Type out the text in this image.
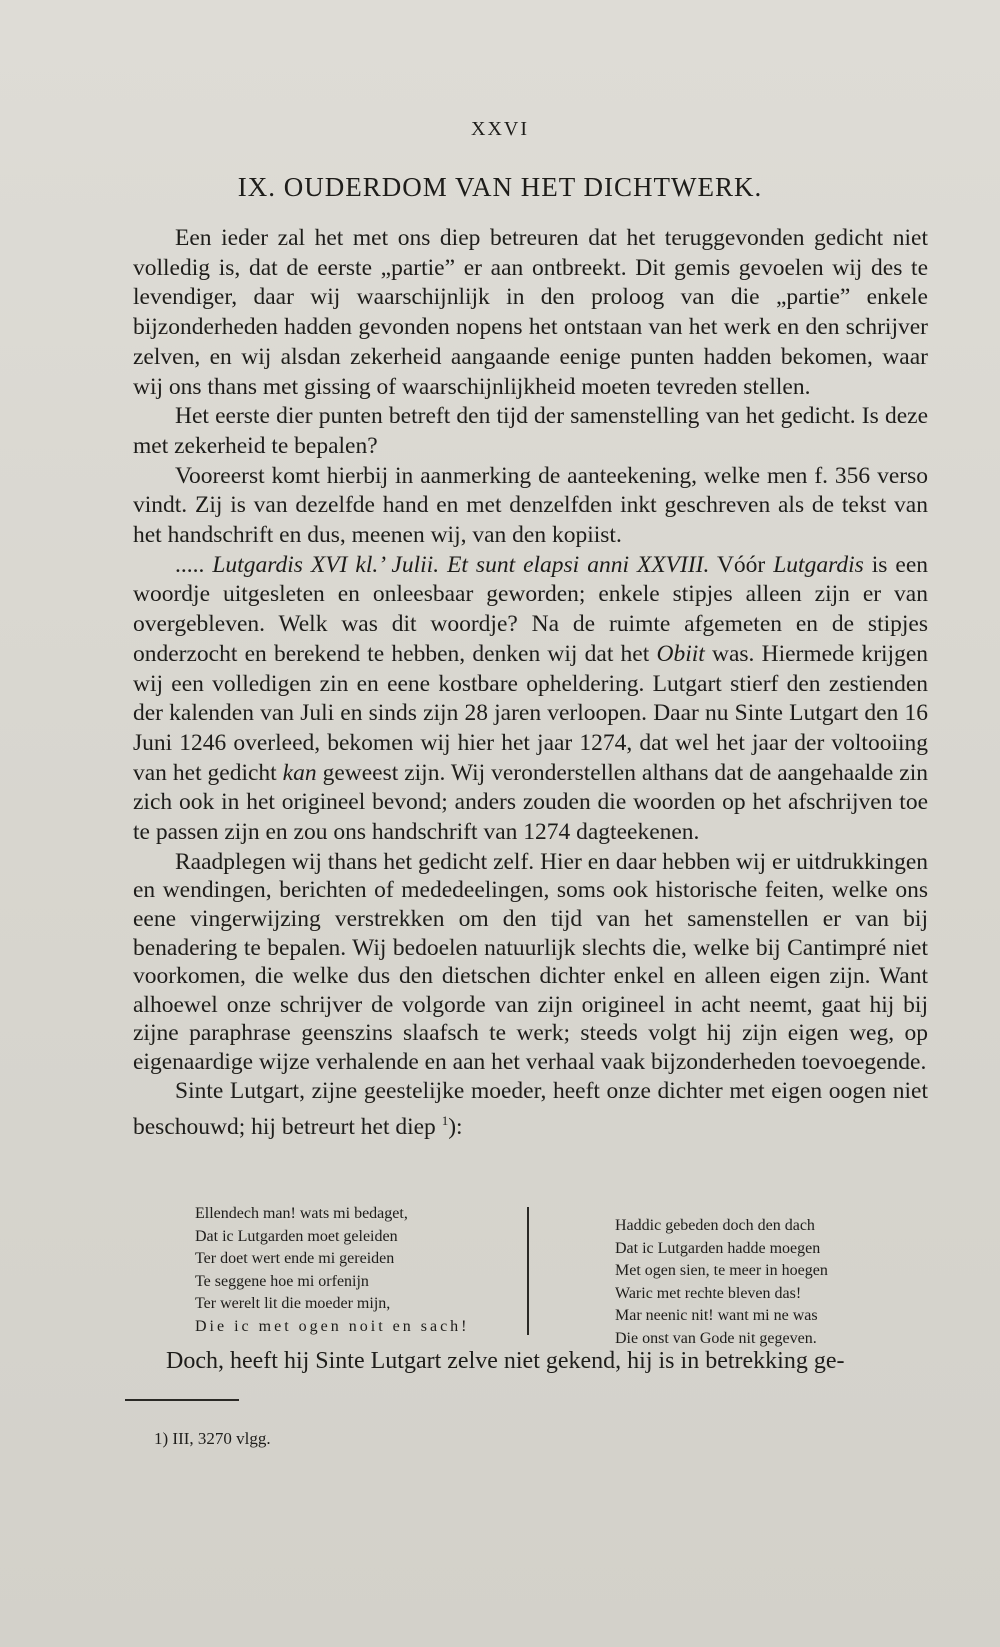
XXVI
IX. OUDERDOM VAN HET DICHTWERK.

Een ieder zal het met ons diep betreuren dat het teruggevonden gedicht niet volledig is, dat de eerste „partie” er aan ontbreekt. Dit gemis gevoelen wij des te levendiger, daar wij waarschijnlijk in den proloog van die „partie” enkele bijzonderheden hadden gevonden nopens het ontstaan van het werk en den schrijver zelven, en wij alsdan zekerheid aangaande eenige punten hadden bekomen, waar wij ons thans met gissing of waarschijnlijkheid moeten tevreden stellen.

Het eerste dier punten betreft den tijd der samenstelling van het gedicht. Is deze met zekerheid te bepalen?

Vooreerst komt hierbij in aanmerking de aanteekening, welke men f. 356 verso vindt. Zij is van dezelfde hand en met denzelfden inkt geschreven als de tekst van het handschrift en dus, meenen wij, van den kopiist.

..... Lutgardis XVI kl.’ Julii. Et sunt elapsi anni XXVIII. Vóór Lutgardis is een woordje uitgesleten en onleesbaar geworden; enkele stipjes alleen zijn er van overgebleven. Welk was dit woordje? Na de ruimte afgemeten en de stipjes onderzocht en berekend te hebben, denken wij dat het Obiit was. Hiermede krijgen wij een volledigen zin en eene kostbare opheldering. Lutgart stierf den zestienden der kalenden van Juli en sinds zijn 28 jaren verloopen. Daar nu Sinte Lutgart den 16 Juni 1246 overleed, bekomen wij hier het jaar 1274, dat wel het jaar der voltooiing van het gedicht kan geweest zijn. Wij veronderstellen althans dat de aangehaalde zin zich ook in het origineel bevond; anders zouden die woorden op het afschrijven toe te passen zijn en zou ons handschrift van 1274 dagteekenen.

Raadplegen wij thans het gedicht zelf. Hier en daar hebben wij er uitdrukkingen en wendingen, berichten of mededeelingen, soms ook historische feiten, welke ons eene vingerwijzing verstrekken om den tijd van het samenstellen er van bij benadering te bepalen. Wij bedoelen natuurlijk slechts die, welke bij Cantimpré niet voorkomen, die welke dus den dietschen dichter enkel en alleen eigen zijn. Want alhoewel onze schrijver de volgorde van zijn origineel in acht neemt, gaat hij bij zijne paraphrase geenszins slaafsch te werk; steeds volgt hij zijn eigen weg, op eigenaardige wijze verhalende en aan het verhaal vaak bijzonderheden toevoegende.

Sinte Lutgart, zijne geestelijke moeder, heeft onze dichter met eigen oogen niet beschouwd; hij betreurt het diep $^1$):

Ellendech man! wats mi bedaget,
Dat ic Lutgarden moet geleiden
Ter doet wert ende mi gereiden
Te seggene hoe mi orfenijn
Ter werelt lit die moeder mijn,
Die ic met ogen noit en sach!
Haddic gebeden doch den dach
Dat ic Lutgarden hadde moegen
Met ogen sien, te meer in hoegen
Waric met rechte bleven das!
Mar neenic nit! want mi ne was
Die onst van Gode nit gegeven.
Doch, heeft hij Sinte Lutgart zelve niet gekend, hij is in betrekking ge-
1) III, 3270 vlgg.
